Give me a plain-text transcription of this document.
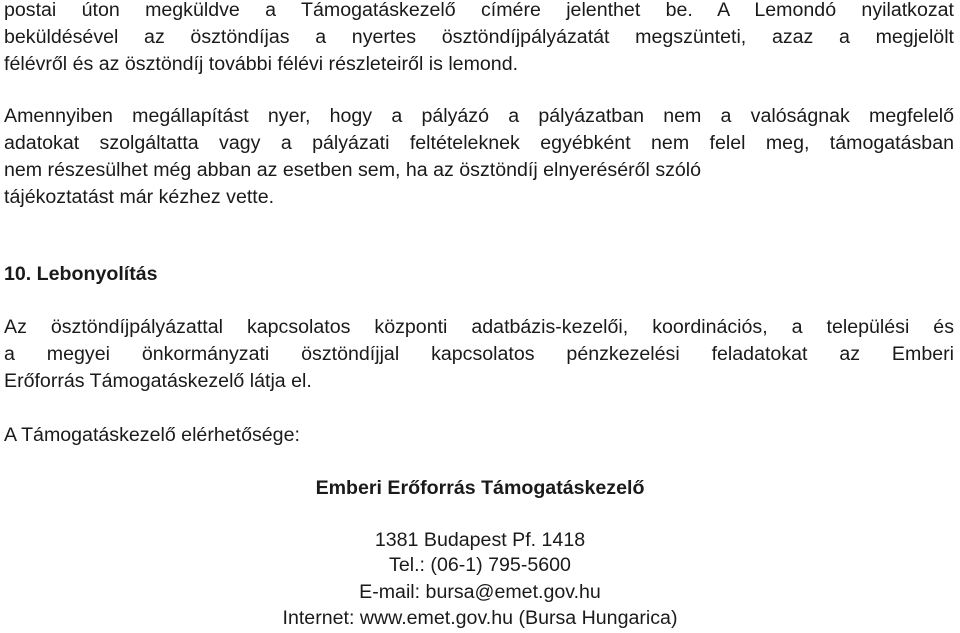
postai úton megküldve a Támogatáskezelő címére jelenthet be. A Lemondó nyilatkozat
beküldésével az ösztöndíjas a nyertes ösztöndíjpályázatát megszünteti, azaz a megjelölt
félévről és az ösztöndíj további félévi részleteiről is lemond.
Amennyiben megállapítást nyer, hogy a pályázó a pályázatban nem a valóságnak megfelelő
adatokat szolgáltatta vagy a pályázati feltételeknek egyébként nem felel meg, támogatásban
nem részesülhet még abban az esetben sem, ha az ösztöndíj elnyeréséről szóló
tájékoztatást már kézhez vette.
10. Lebonyolítás
Az ösztöndíjpályázattal kapcsolatos központi adatbázis-kezelői, koordinációs, a települési és
a megyei önkormányzati ösztöndíjjal kapcsolatos pénzkezelési feladatokat az Emberi
Erőforrás Támogatáskezelő látja el.
A Támogatáskezelő elérhetősége:
Emberi Erőforrás Támogatáskezelő
1381 Budapest Pf. 1418
Tel.: (06-1) 795-5600
E-mail: bursa@emet.gov.hu
Internet: www.emet.gov.hu (Bursa Hungarica)
